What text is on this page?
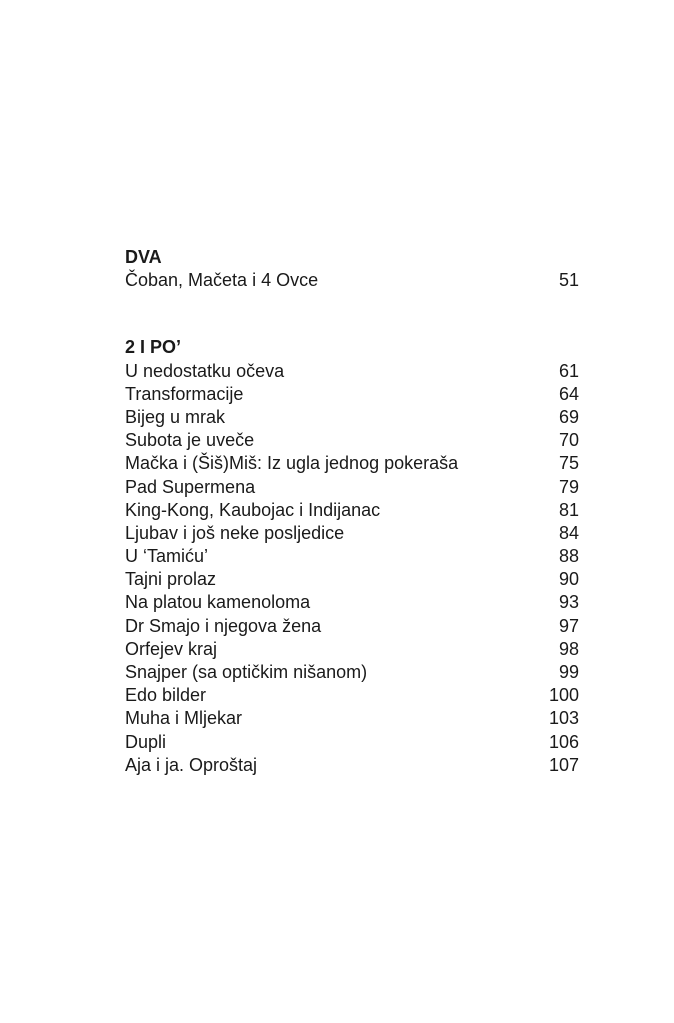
DVA
Čoban, Mačeta i 4 Ovce	51
2 I PO’
U nedostatku očeva	61
Transformacije	64
Bijeg u mrak	69
Subota je uveče	70
Mačka i (Šiš)Miš: Iz ugla jednog pokeraša	75
Pad Supermena	79
King-Kong, Kaubojac i Indijanac	81
Ljubav i još neke posljedice	84
U ‘Tamiću’	88
Tajni prolaz	90
Na platou kamenoloma	93
Dr Smajo i njegova žena	97
Orfejev kraj	98
Snajper (sa optičkim nišanom)	99
Edo bilder	100
Muha i Mljekar	103
Dupli	106
Aja i ja. Oproštaj	107
